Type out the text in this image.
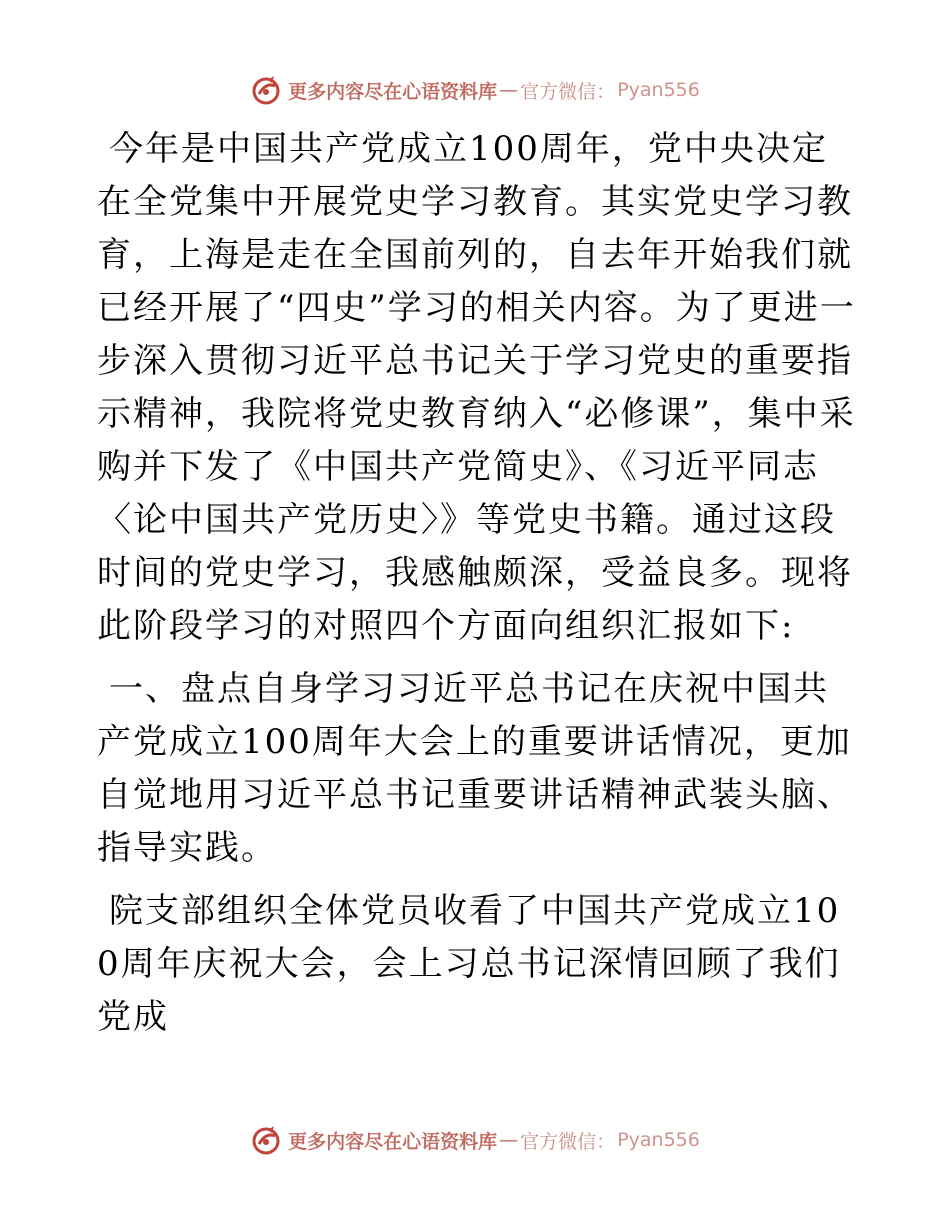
更多内容尽在心语资料库 — 官方微信： Pyan556

今年是中国共产党成立100周年，党中央决定在全党集中开展党史学习教育。其实党史学习教育，上海是走在全国前列的，自去年开始我们就已经开展了“四史”学习的相关内容。为了更进一步深入贯彻习近平总书记关于学习党史的重要指示精神，我院将党史教育纳入“必修课”，集中采购并下发了《中国共产党简史》、《习近平同志〈论中国共产党历史〉》等党史书籍。通过这段时间的党史学习，我感触颇深，受益良多。现将此阶段学习的对照四个方面向组织汇报如下:

一、盘点自身学习习近平总书记在庆祝中国共产党成立100周年大会上的重要讲话情况，更加自觉地用习近平总书记重要讲话精神武装头脑、指导实践。

院支部组织全体党员收看了中国共产党成立100周年庆祝大会，会上习总书记深情回顾了我们党成

更多内容尽在心语资料库 — 官方微信： Pyan556
